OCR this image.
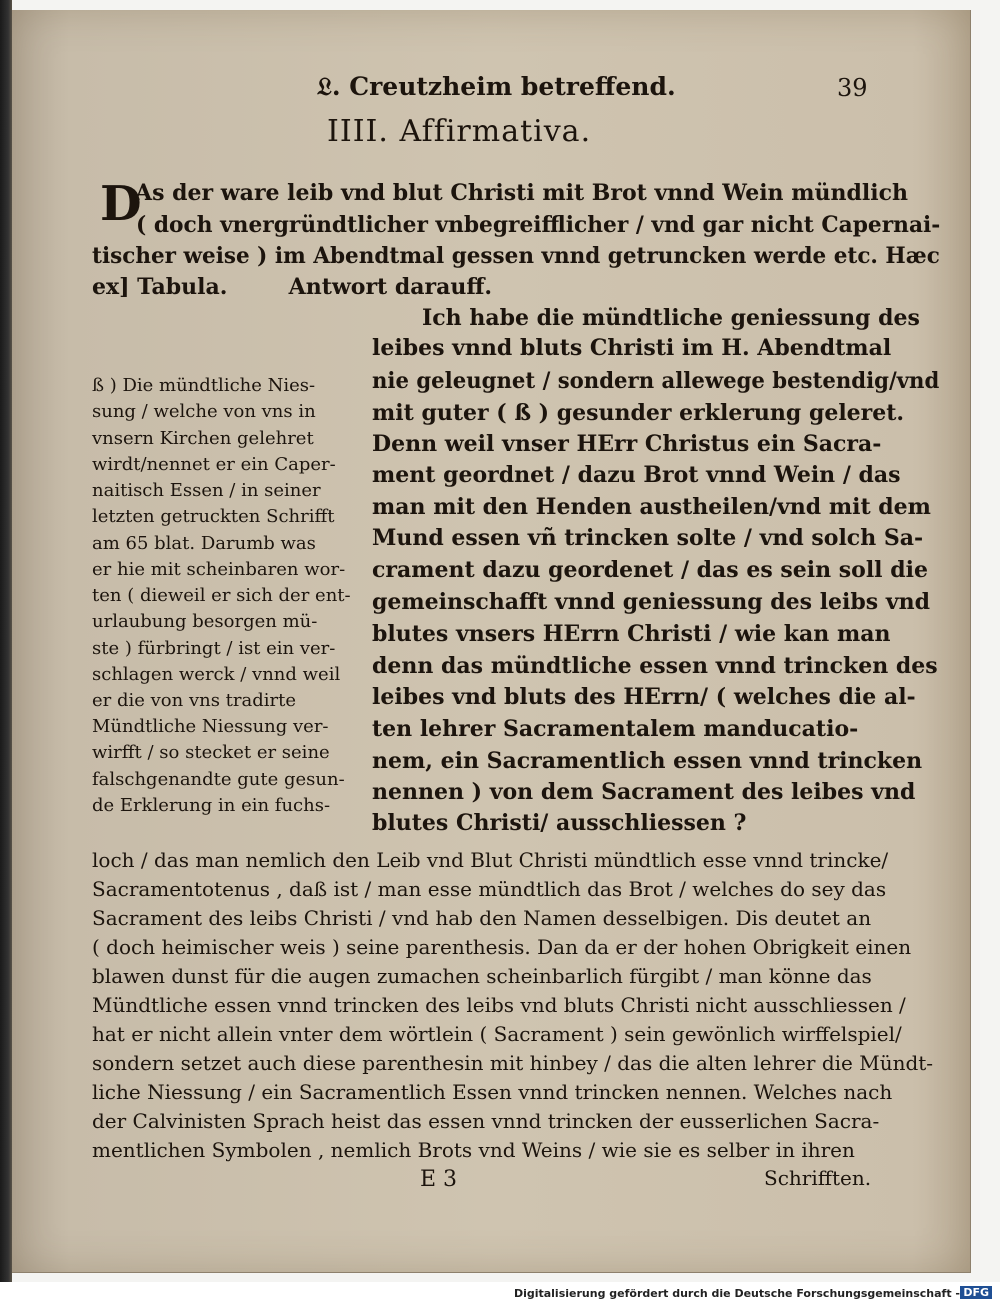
𝔏. Creutzheim betreffend.	39
IIII. Affirmativa.
D
As der ware leib vnd blut Christi mit Brot vnnd Wein mündlich
( doch vnergründtlicher vnbegreifflicher / vnd gar nicht Capernai-
tischer weise ) im Abendtmal gessen vnnd getruncken werde etc. Hæc
ex] Tabula.        Antwort darauff.
Ich habe die mündtliche geniessung des
leibes vnnd bluts Christi im H. Abendtmal
nie geleugnet / sondern allewege bestendig/vnd
mit guter ( ß ) gesunder erklerung geleret.
Denn weil vnser HErr Christus ein Sacra-
ment geordnet / dazu Brot vnnd Wein / das
man mit den Henden austheilen/vnd mit dem
Mund essen vñ trincken solte / vnd solch Sa-
crament dazu geordenet / das es sein soll die
gemeinschafft vnnd geniessung des leibs vnd
blutes vnsers HErrn Christi / wie kan man
denn das mündtliche essen vnnd trincken des
leibes vnd bluts des HErrn/ ( welches die al-
ten lehrer Sacramentalem manducatio-
nem, ein Sacramentlich essen vnnd trincken
nennen ) von dem Sacrament des leibes vnd
blutes Christi/ ausschliessen ?
ß ) Die mündtliche Nies-
sung / welche von vns in
vnsern Kirchen gelehret
wirdt/nennet er ein Caper-
naitisch Essen / in seiner
letzten getruckten Schrifft
am 65 blat. Darumb was
er hie mit scheinbaren wor-
ten ( dieweil er sich der ent-
urlaubung besorgen mü-
ste ) fürbringt / ist ein ver-
schlagen werck / vnnd weil
er die von vns tradirte
Mündtliche Niessung ver-
wirfft / so stecket er seine
falschgenandte gute gesun-
de Erklerung in ein fuchs-
loch / das man nemlich den Leib vnd Blut Christi mündtlich esse vnnd trincke/
Sacramentotenus , daß ist / man esse mündtlich das Brot / welches do sey das
Sacrament des leibs Christi / vnd hab den Namen desselbigen. Dis deutet an
( doch heimischer weis ) seine parenthesis. Dan da er der hohen Obrigkeit einen
blawen dunst für die augen zumachen scheinbarlich fürgibt / man könne das
Mündtliche essen vnnd trincken des leibs vnd bluts Christi nicht ausschliessen /
hat er nicht allein vnter dem wörtlein ( Sacrament ) sein gewönlich wirffelspiel/
sondern setzet auch diese parenthesin mit hinbey / das die alten lehrer die Mündt-
liche Niessung / ein Sacramentlich Essen vnnd trincken nennen. Welches nach
der Calvinisten Sprach heist das essen vnnd trincken der eusserlichen Sacra-
mentlichen Symbolen , nemlich Brots vnd Weins / wie sie es selber in ihren
E 3	Schrifften.
Digitalisierung gefördert durch die Deutsche Forschungsgemeinschaft - DFG
